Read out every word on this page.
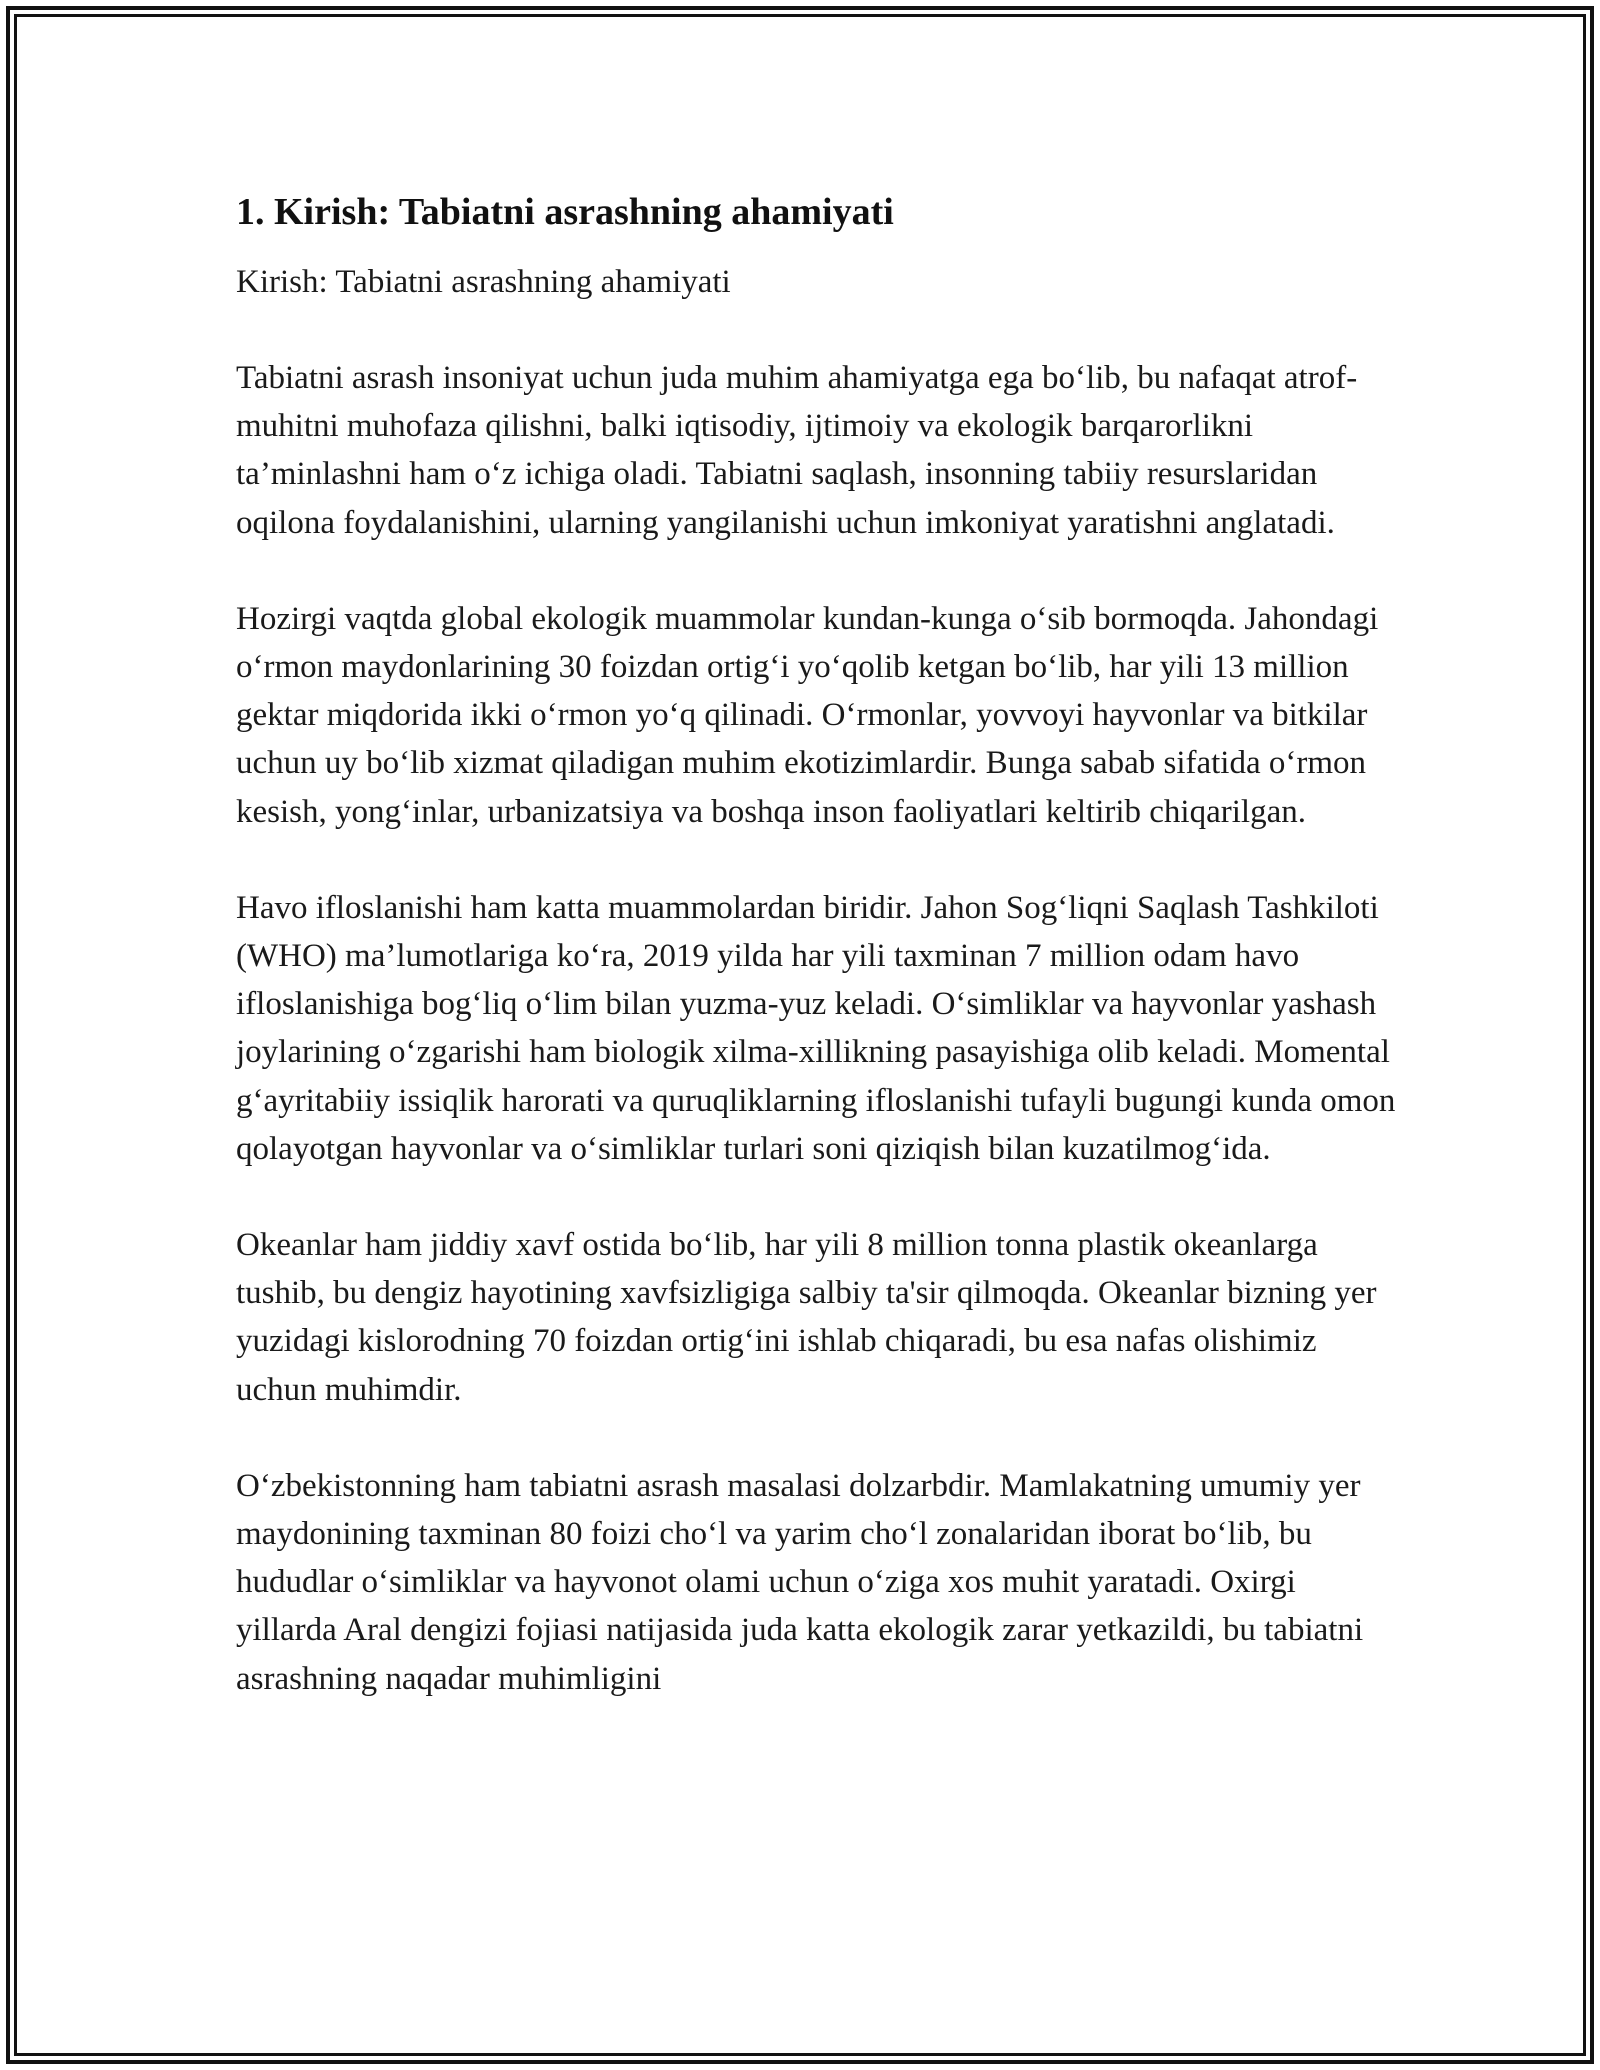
1. Kirish: Tabiatni asrashning ahamiyati

Kirish: Tabiatni asrashning ahamiyati

Tabiatni asrash insoniyat uchun juda muhim ahamiyatga ega bo‘lib, bu nafaqat atrof-muhitni muhofaza qilishni, balki iqtisodiy, ijtimoiy va ekologik barqarorlikni ta’minlashni ham o‘z ichiga oladi. Tabiatni saqlash, insonning tabiiy resurslaridan oqilona foydalanishini, ularning yangilanishi uchun imkoniyat yaratishni anglatadi.

Hozirgi vaqtda global ekologik muammolar kundan-kunga o‘sib bormoqda. Jahondagi o‘rmon maydonlarining 30 foizdan ortig‘i yo‘qolib ketgan bo‘lib, har yili 13 million gektar miqdorida ikki o‘rmon yo‘q qilinadi. O‘rmonlar, yovvoyi hayvonlar va bitkilar uchun uy bo‘lib xizmat qiladigan muhim ekotizimlardir. Bunga sabab sifatida o‘rmon kesish, yong‘inlar, urbanizatsiya va boshqa inson faoliyatlari keltirib chiqarilgan.

Havo ifloslanishi ham katta muammolardan biridir. Jahon Sog‘liqni Saqlash Tashkiloti (WHO) ma’lumotlariga ko‘ra, 2019 yilda har yili taxminan 7 million odam havo ifloslanishiga bog‘liq o‘lim bilan yuzma-yuz keladi. O‘simliklar va hayvonlar yashash joylarining o‘zgarishi ham biologik xilma-xillikning pasayishiga olib keladi. Momental g‘ayritabiiy issiqlik harorati va quruqliklarning ifloslanishi tufayli bugungi kunda omon qolayotgan hayvonlar va o‘simliklar turlari soni qiziqish bilan kuzatilmog‘ida.

Okeanlar ham jiddiy xavf ostida bo‘lib, har yili 8 million tonna plastik okeanlarga tushib, bu dengiz hayotining xavfsizligiga salbiy ta'sir qilmoqda. Okeanlar bizning yer yuzidagi kislorodning 70 foizdan ortig‘ini ishlab chiqaradi, bu esa nafas olishimiz uchun muhimdir.

O‘zbekistonning ham tabiatni asrash masalasi dolzarbdir. Mamlakatning umumiy yer maydonining taxminan 80 foizi cho‘l va yarim cho‘l zonalaridan iborat bo‘lib, bu hududlar o‘simliklar va hayvonot olami uchun o‘ziga xos muhit yaratadi. Oxirgi yillarda Aral dengizi fojiasi natijasida juda katta ekologik zarar yetkazildi, bu tabiatni asrashning naqadar muhimligini
